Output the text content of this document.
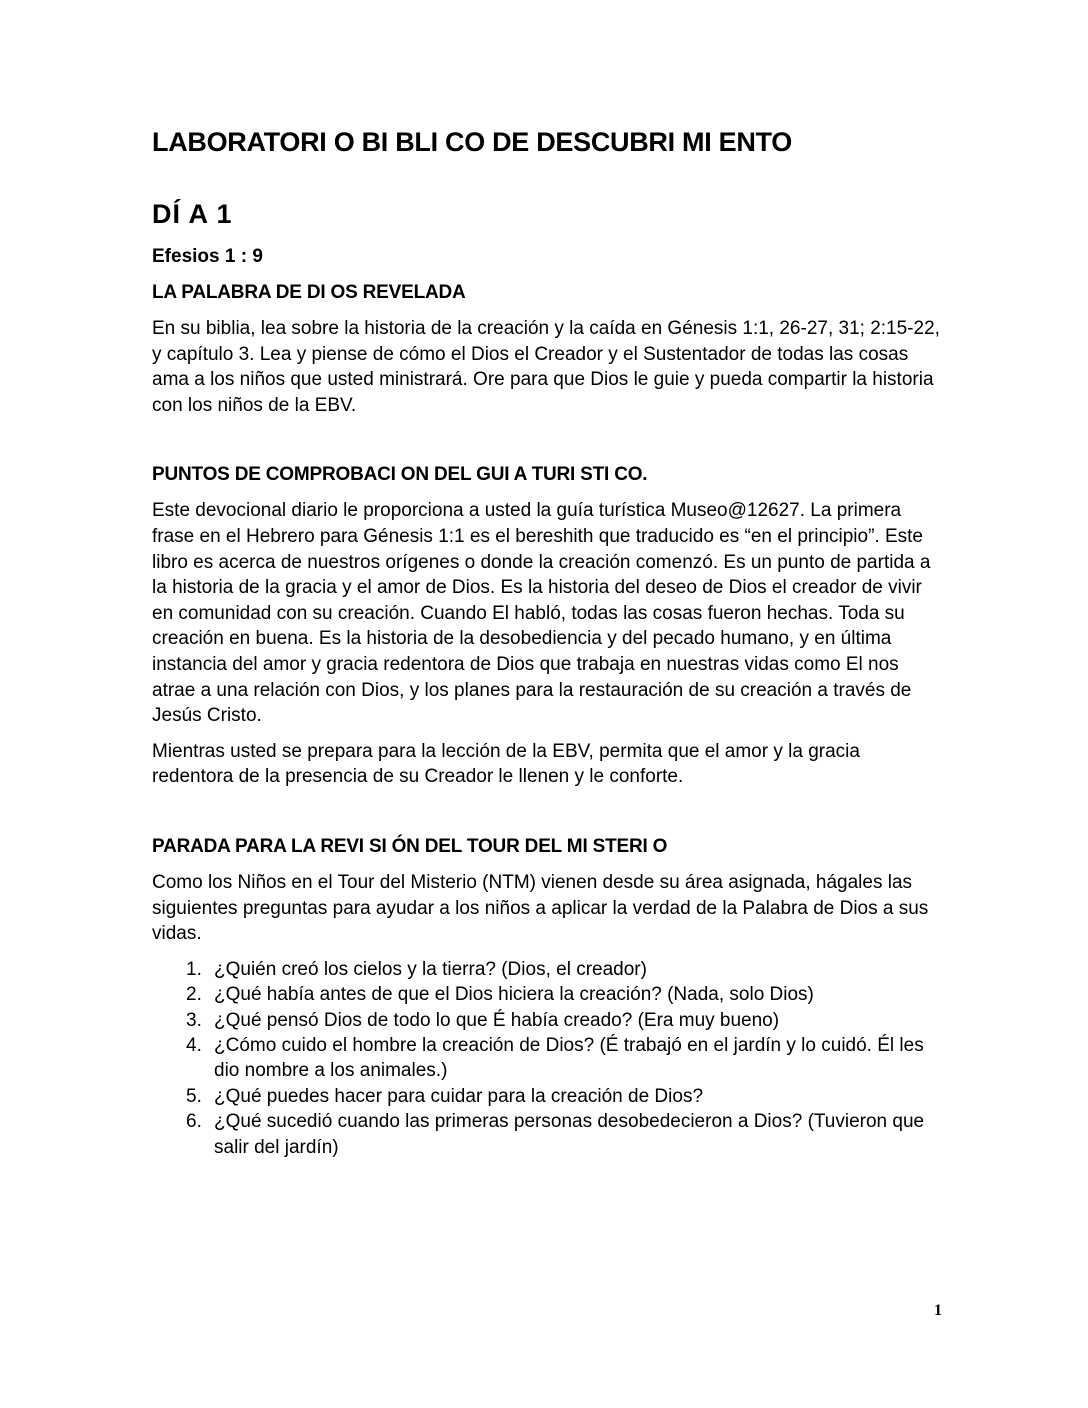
LABORATORI O BI BLI CO DE DESCUBRI MI ENTO
DÍ A 1
Efesios 1 : 9
LA PALABRA DE DI OS REVELADA

En su biblia, lea sobre la historia de la creación y la caída en Génesis 1:1, 26-27, 31; 2:15-22, y capítulo 3. Lea y piense de cómo el Dios el Creador y el Sustentador de todas las cosas ama a los niños que usted ministrará. Ore para que Dios le guie y pueda compartir la historia con los niños de la EBV.

PUNTOS DE COMPROBACI ON DEL GUI A TURI STI CO.

Este devocional diario le proporciona a usted la guía turística Museo@12627. La primera frase en el Hebrero para Génesis 1:1 es el bereshith que traducido es “en el principio”. Este libro es acerca de nuestros orígenes o donde la creación comenzó. Es un punto de partida a la historia de la gracia y el amor de Dios. Es la historia del deseo de Dios el creador de vivir en comunidad con su creación. Cuando El habló, todas las cosas fueron hechas. Toda su creación en buena. Es la historia de la desobediencia y del pecado humano, y en última instancia del amor y gracia redentora de Dios que trabaja en nuestras vidas como El nos atrae a una relación con Dios, y los planes para la restauración de su creación a través de Jesús Cristo.

Mientras usted se prepara para la lección de la EBV, permita que el amor y la gracia redentora de la presencia de su Creador le llenen y le conforte.

PARADA PARA LA REVI SI ÓN DEL TOUR DEL MI STERI O

Como los Niños en el Tour del Misterio (NTM) vienen desde su área asignada, hágales las siguientes preguntas para ayudar a los niños a aplicar la verdad de la Palabra de Dios a sus vidas.

1. ¿Quién creó los cielos y la tierra? (Dios, el creador)
2. ¿Qué había antes de que el Dios hiciera la creación? (Nada, solo Dios)
3. ¿Qué pensó Dios de todo lo que É había creado? (Era muy bueno)
4. ¿Cómo cuido el hombre la creación de Dios? (É trabajó en el jardín y lo cuidó. Él les dio nombre a los animales.)
5. ¿Qué puedes hacer para cuidar para la creación de Dios?
6. ¿Qué sucedió cuando las primeras personas desobedecieron a Dios? (Tuvieron que salir del jardín)
1
